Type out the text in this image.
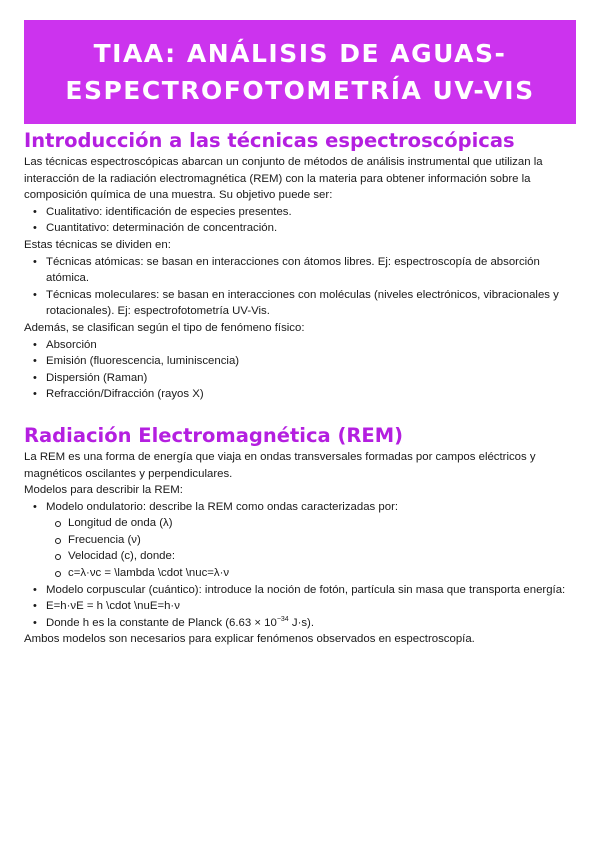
TIAA: ANÁLISIS DE AGUAS-
ESPECTROFOTOMETRÍA UV-VIS
Introducción a las técnicas espectroscópicas

Las técnicas espectroscópicas abarcan un conjunto de métodos de análisis instrumental que utilizan la interacción de la radiación electromagnética (REM) con la materia para obtener información sobre la composición química de una muestra. Su objetivo puede ser:

• Cualitativo: identificación de especies presentes.
• Cuantitativo: determinación de concentración.

Estas técnicas se dividen en:

• Técnicas atómicas: se basan en interacciones con átomos libres. Ej: espectroscopía de absorción atómica.
• Técnicas moleculares: se basan en interacciones con moléculas (niveles electrónicos, vibracionales y rotacionales). Ej: espectrofotometría UV-Vis.

Además, se clasifican según el tipo de fenómeno físico:

• Absorción
• Emisión (fluorescencia, luminiscencia)
• Dispersión (Raman)
• Refracción/Difracción (rayos X)
Radiación Electromagnética (REM)

La REM es una forma de energía que viaja en ondas transversales formadas por campos eléctricos y magnéticos oscilantes y perpendiculares.

Modelos para describir la REM:

• Modelo ondulatorio: describe la REM como ondas caracterizadas por:
Longitud de onda (λ)
Frecuencia (ν)
Velocidad (c), donde:
c=λ·νc = \lambda \cdot \nuc=λ·ν
• Modelo corpuscular (cuántico): introduce la noción de fotón, partícula sin masa que transporta energía:
• E=h·νE = h \cdot \nuE=h·ν
• Donde h es la constante de Planck ($6.63 \times 10^{-34}$ J·s).

Ambos modelos son necesarios para explicar fenómenos observados en espectroscopía.
